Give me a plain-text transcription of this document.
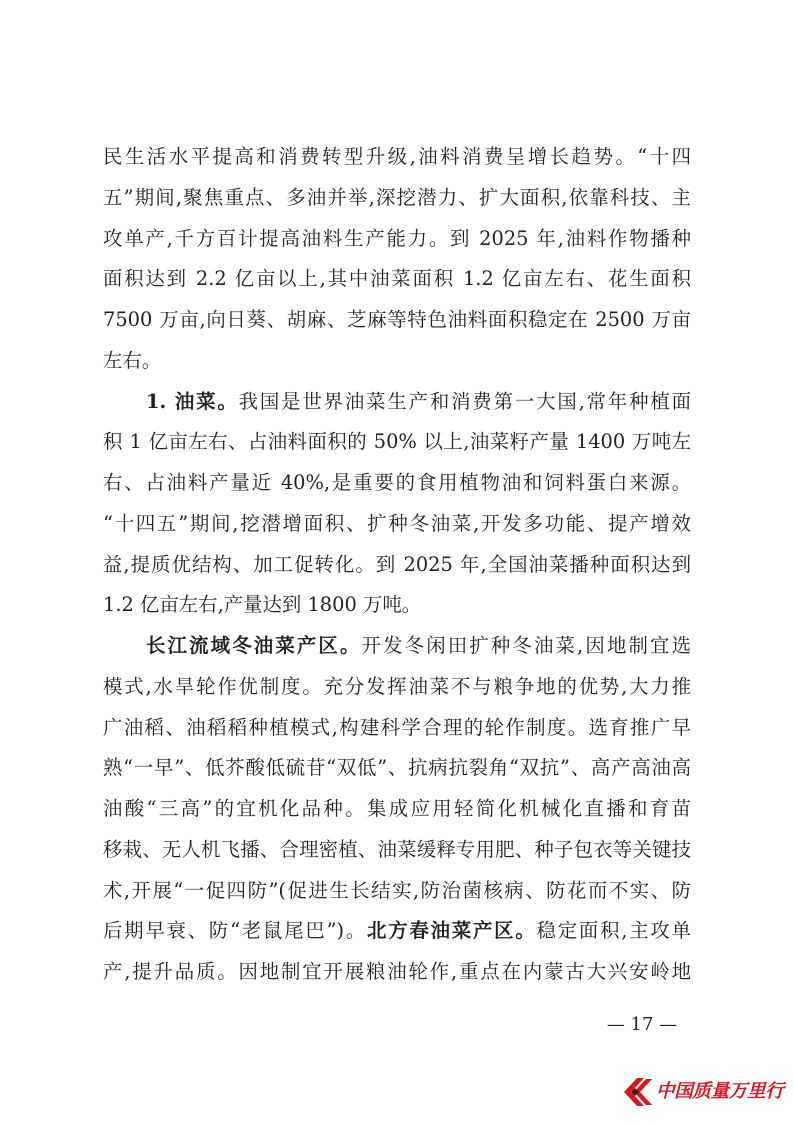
民生活水平提高和消费转型升级,油料消费呈增长趋势。“十四
五”期间,聚焦重点、多油并举,深挖潜力、扩大面积,依靠科技、主
攻单产,千方百计提高油料生产能力。到 2025 年,油料作物播种
面积达到 2.2 亿亩以上,其中油菜面积 1.2 亿亩左右、花生面积
7500 万亩,向日葵、胡麻、芝麻等特色油料面积稳定在 2500 万亩
左右。
1. 油菜。我国是世界油菜生产和消费第一大国,常年种植面
积 1 亿亩左右、占油料面积的 50% 以上,油菜籽产量 1400 万吨左
右、占油料产量近 40%,是重要的食用植物油和饲料蛋白来源。
“十四五”期间,挖潜增面积、扩种冬油菜,开发多功能、提产增效
益,提质优结构、加工促转化。到 2025 年,全国油菜播种面积达到
1.2 亿亩左右,产量达到 1800 万吨。
长江流域冬油菜产区。开发冬闲田扩种冬油菜,因地制宜选
模式,水旱轮作优制度。充分发挥油菜不与粮争地的优势,大力推
广油稻、油稻稻种植模式,构建科学合理的轮作制度。选育推广早
熟“一早”、低芥酸低硫苷“双低”、抗病抗裂角“双抗”、高产高油高
油酸“三高”的宜机化品种。集成应用轻简化机械化直播和育苗
移栽、无人机飞播、合理密植、油菜缓释专用肥、种子包衣等关键技
术,开展“一促四防”(促进生长结实,防治菌核病、防花而不实、防
后期早衰、防“老鼠尾巴”)。北方春油菜产区。稳定面积,主攻单
产,提升品质。因地制宜开展粮油轮作,重点在内蒙古大兴安岭地
— 17 —
中国质量万里行
